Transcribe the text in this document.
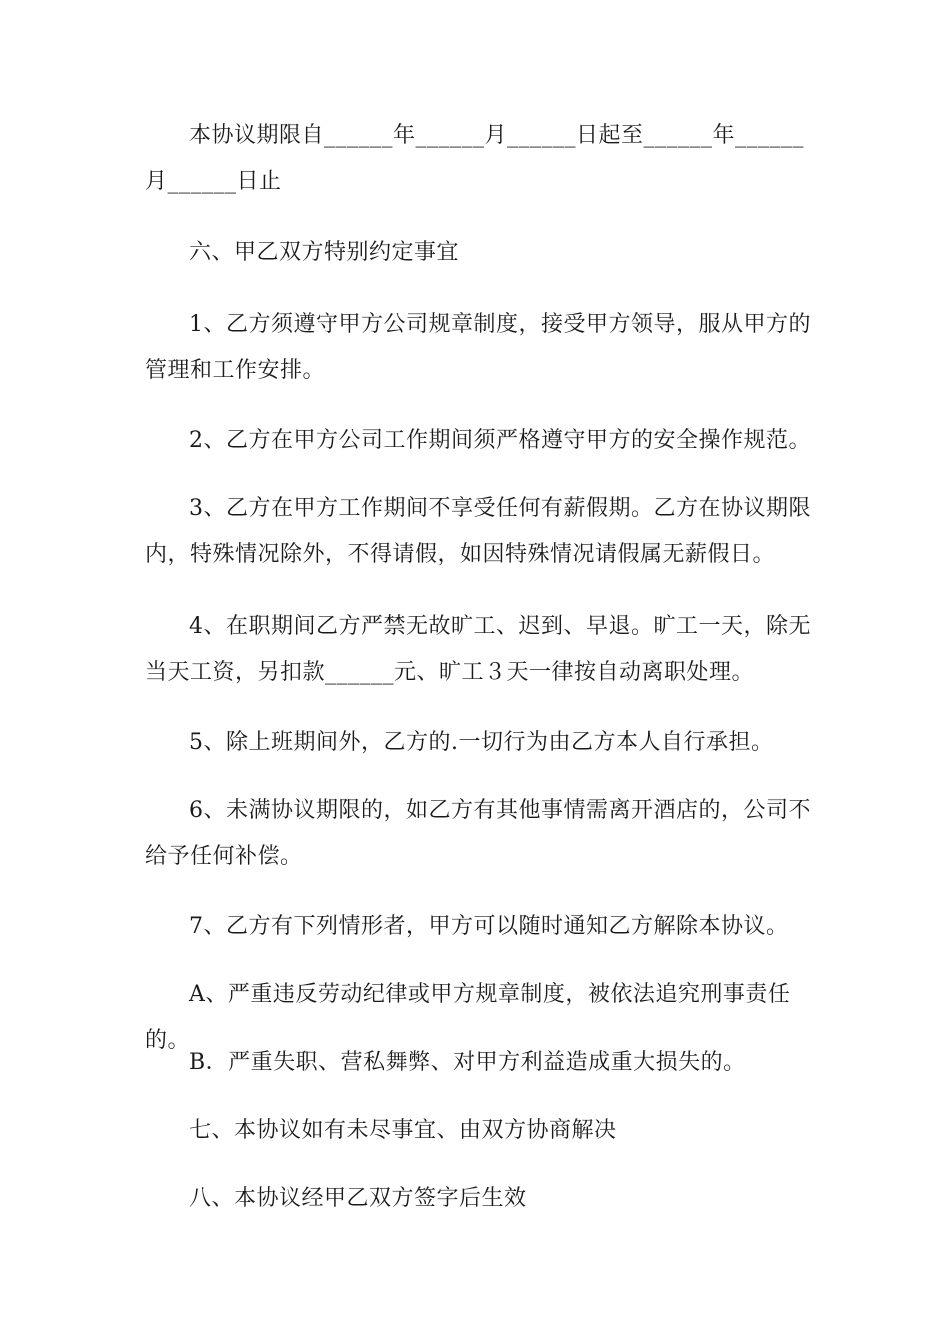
本协议期限自______年______月______日起至______年______月______日止

六、甲乙双方特别约定事宜

1、乙方须遵守甲方公司规章制度，接受甲方领导，服从甲方的管理和工作安排。

2、乙方在甲方公司工作期间须严格遵守甲方的安全操作规范。

3、乙方在甲方工作期间不享受任何有薪假期。乙方在协议期限内，特殊情况除外，不得请假，如因特殊情况请假属无薪假日。

4、在职期间乙方严禁无故旷工、迟到、早退。旷工一天，除无当天工资，另扣款______元、旷工３天一律按自动离职处理。

5、除上班期间外，乙方的.一切行为由乙方本人自行承担。

6、未满协议期限的，如乙方有其他事情需离开酒店的，公司不给予任何补偿。

7、乙方有下列情形者，甲方可以随时通知乙方解除本协议。

A、严重违反劳动纪律或甲方规章制度，被依法追究刑事责任的。

B．严重失职、营私舞弊、对甲方利益造成重大损失的。

七、本协议如有未尽事宜、由双方协商解决

八、本协议经甲乙双方签字后生效
